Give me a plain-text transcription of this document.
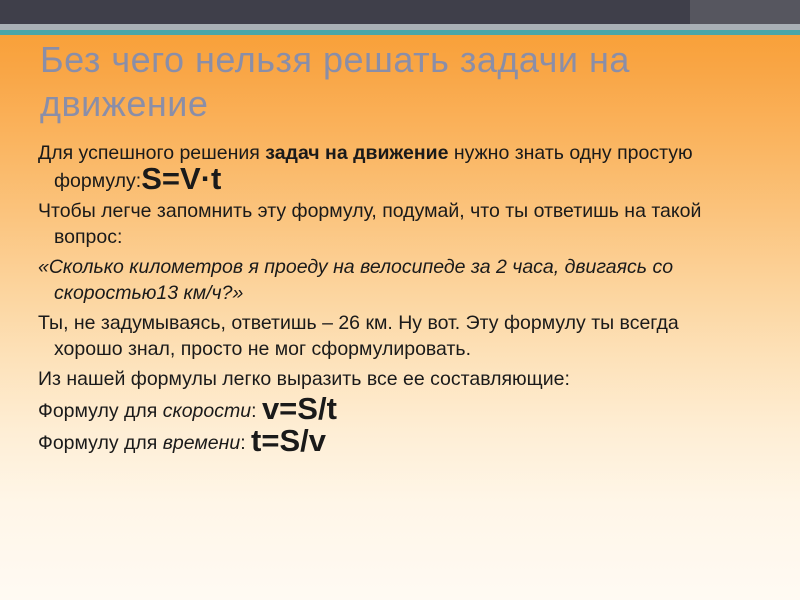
Без чего нельзя решать задачи на движение
Для успешного решения задач на движение нужно знать одну простую формулу:S=V·t
Чтобы легче запомнить эту формулу, подумай, что ты ответишь на такой вопрос:
«Сколько километров я проеду на велосипеде за 2 часа, двигаясь со скоростью13 км/ч?»
Ты, не задумываясь, ответишь – 26 км. Ну вот. Эту формулу ты всегда хорошо знал, просто не мог сформулировать.
Из нашей формулы легко выразить все ее составляющие:
Формулу для скорости: v=S/t
Формулу для времени: t=S/v
